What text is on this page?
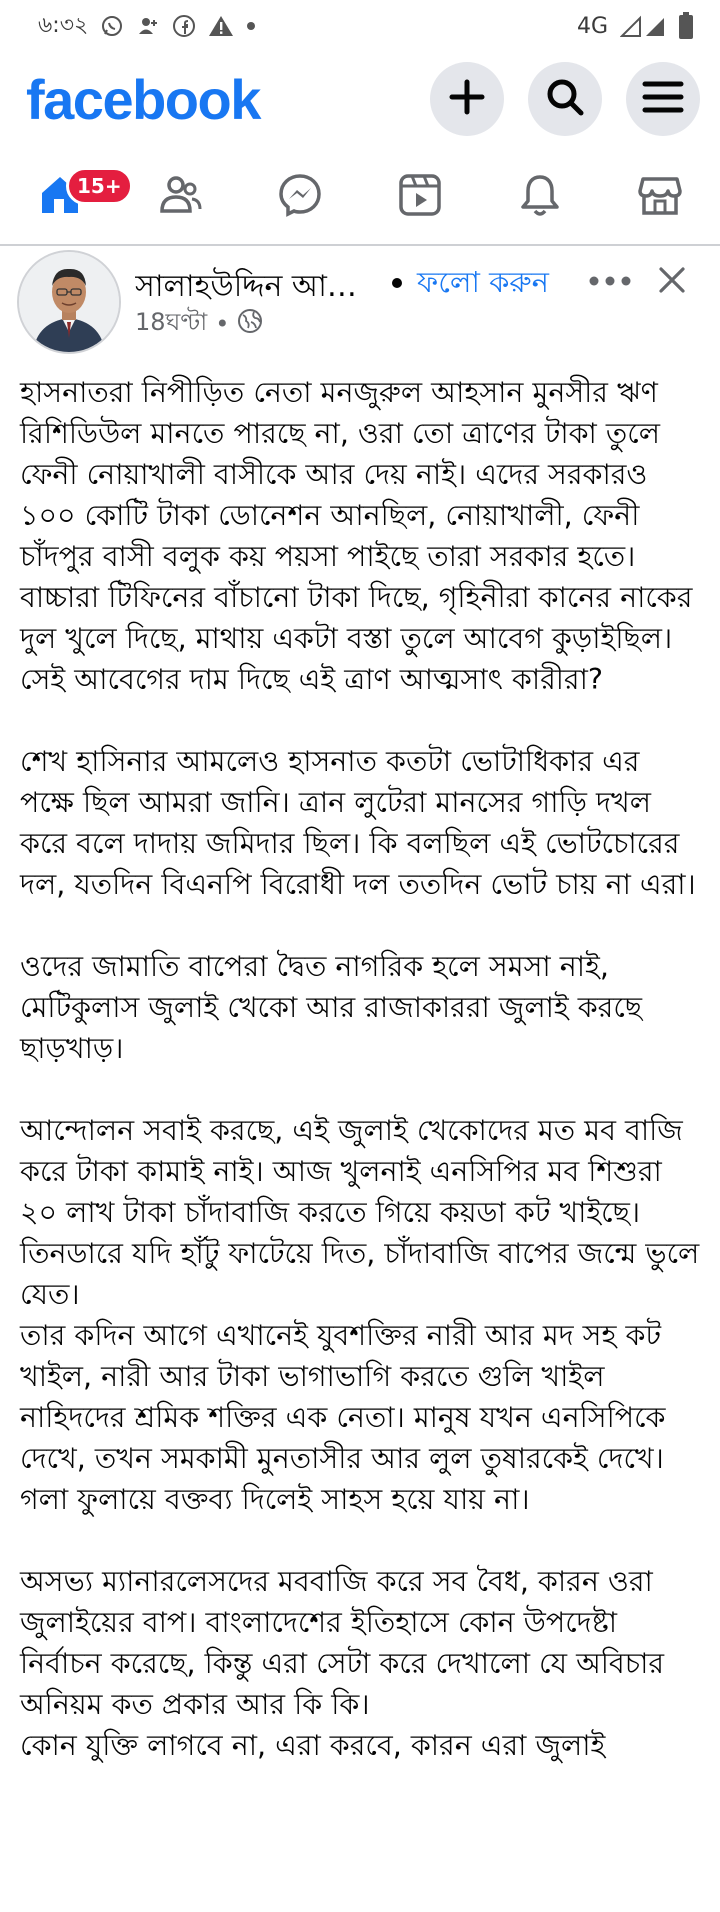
৬:৩২	4G
facebook
15+
সালাহউদ্দিন আ…	ফলো করুন
18ঘণ্টা •

হাসনাতরা নিপীড়িত নেতা মনজুরুল আহসান মুনসীর ঋণ রিশিডিউল মানতে পারছে না, ওরা তো ত্রাণের টাকা তুলে ফেনী নোয়াখালী বাসীকে আর দেয় নাই। এদের সরকারও ১০০ কোটি টাকা ডোনেশন আনছিল, নোয়াখালী, ফেনী চাঁদপুর বাসী বলুক কয় পয়সা পাইছে তারা সরকার হতে।

বাচ্চারা টিফিনের বাঁচানো টাকা দিছে, গৃহিনীরা কানের নাকের দুল খুলে দিছে, মাথায় একটা বস্তা তুলে আবেগ কুড়াইছিল। সেই আবেগের দাম দিছে এই ত্রাণ আত্মসাৎ কারীরা?

শেখ হাসিনার আমলেও হাসনাত কতটা ভোটাধিকার এর পক্ষে ছিল আমরা জানি। ত্রান লুটেরা মানসের গাড়ি দখল করে বলে দাদায় জমিদার ছিল। কি বলছিল এই ভোটচোরের দল, যতদিন বিএনপি বিরোধী দল ততদিন ভোট চায় না এরা।

ওদের জামাতি বাপেরা দ্বৈত নাগরিক হলে সমসা নাই, মেটিকুলাস জুলাই খেকো আর রাজাকাররা জুলাই করছে ছাড়খাড়।

আন্দোলন সবাই করছে, এই জুলাই খেকোদের মত মব বাজি করে টাকা কামাই নাই। আজ খুলনাই এনসিপির মব শিশুরা ২০ লাখ টাকা চাঁদাবাজি করতে গিয়ে কয়ডা কট খাইছে। তিনডারে যদি হাঁটু ফাটেয়ে দিত, চাঁদাবাজি বাপের জন্মে ভুলে যেত।

তার কদিন আগে এখানেই যুবশক্তির নারী আর মদ সহ কট খাইল, নারী আর টাকা ভাগাভাগি করতে গুলি খাইল নাহিদদের শ্রমিক শক্তির এক নেতা। মানুষ যখন এনসিপিকে দেখে, তখন সমকামী মুনতাসীর আর লুল তুষারকেই দেখে। গলা ফুলায়ে বক্তব্য দিলেই সাহস হয়ে যায় না।

অসভ্য ম্যানারলেসদের মববাজি করে সব বৈধ, কারন ওরা জুলাইয়ের বাপ। বাংলাদেশের ইতিহাসে কোন উপদেষ্টা নির্বাচন করেছে, কিন্তু এরা সেটা করে দেখালো যে অবিচার অনিয়ম কত প্রকার আর কি কি।

কোন যুক্তি লাগবে না, এরা করবে, কারন এরা জুলাই
